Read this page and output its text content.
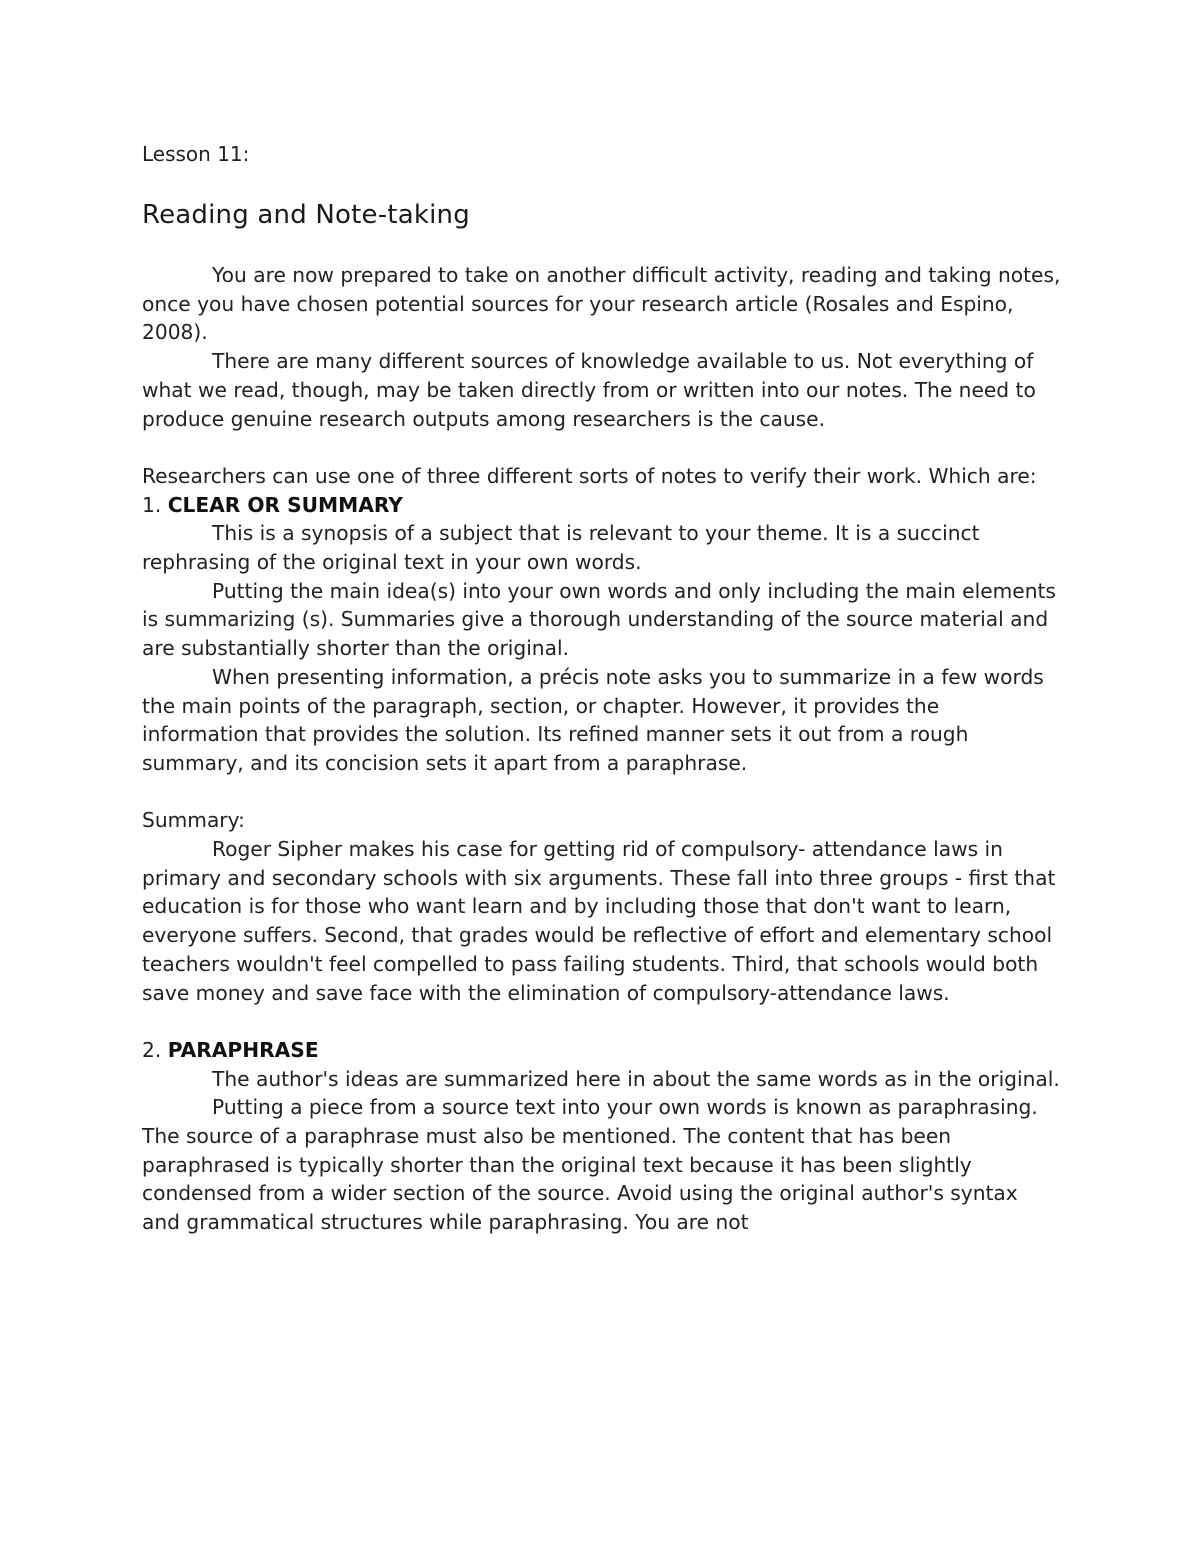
Lesson 11:

Reading and Note-taking

You are now prepared to take on another difficult activity, reading and taking notes, once you have chosen potential sources for your research article (Rosales and Espino, 2008).

There are many different sources of knowledge available to us. Not everything of what we read, though, may be taken directly from or written into our notes. The need to produce genuine research outputs among researchers is the cause.

Researchers can use one of three different sorts of notes to verify their work. Which are:

1. CLEAR OR SUMMARY

This is a synopsis of a subject that is relevant to your theme. It is a succinct rephrasing of the original text in your own words.

Putting the main idea(s) into your own words and only including the main elements is summarizing (s). Summaries give a thorough understanding of the source material and are substantially shorter than the original.

When presenting information, a précis note asks you to summarize in a few words the main points of the paragraph, section, or chapter. However, it provides the information that provides the solution. Its refined manner sets it out from a rough summary, and its concision sets it apart from a paraphrase.

Summary:

Roger Sipher makes his case for getting rid of compulsory- attendance laws in primary and secondary schools with six arguments. These fall into three groups - first that education is for those who want learn and by including those that don't want to learn, everyone suffers. Second, that grades would be reflective of effort and elementary school teachers wouldn't feel compelled to pass failing students. Third, that schools would both save money and save face with the elimination of compulsory-attendance laws.

2. PARAPHRASE

The author's ideas are summarized here in about the same words as in the original.

Putting a piece from a source text into your own words is known as paraphrasing. The source of a paraphrase must also be mentioned. The content that has been paraphrased is typically shorter than the original text because it has been slightly condensed from a wider section of the source. Avoid using the original author's syntax and grammatical structures while paraphrasing. You are not
